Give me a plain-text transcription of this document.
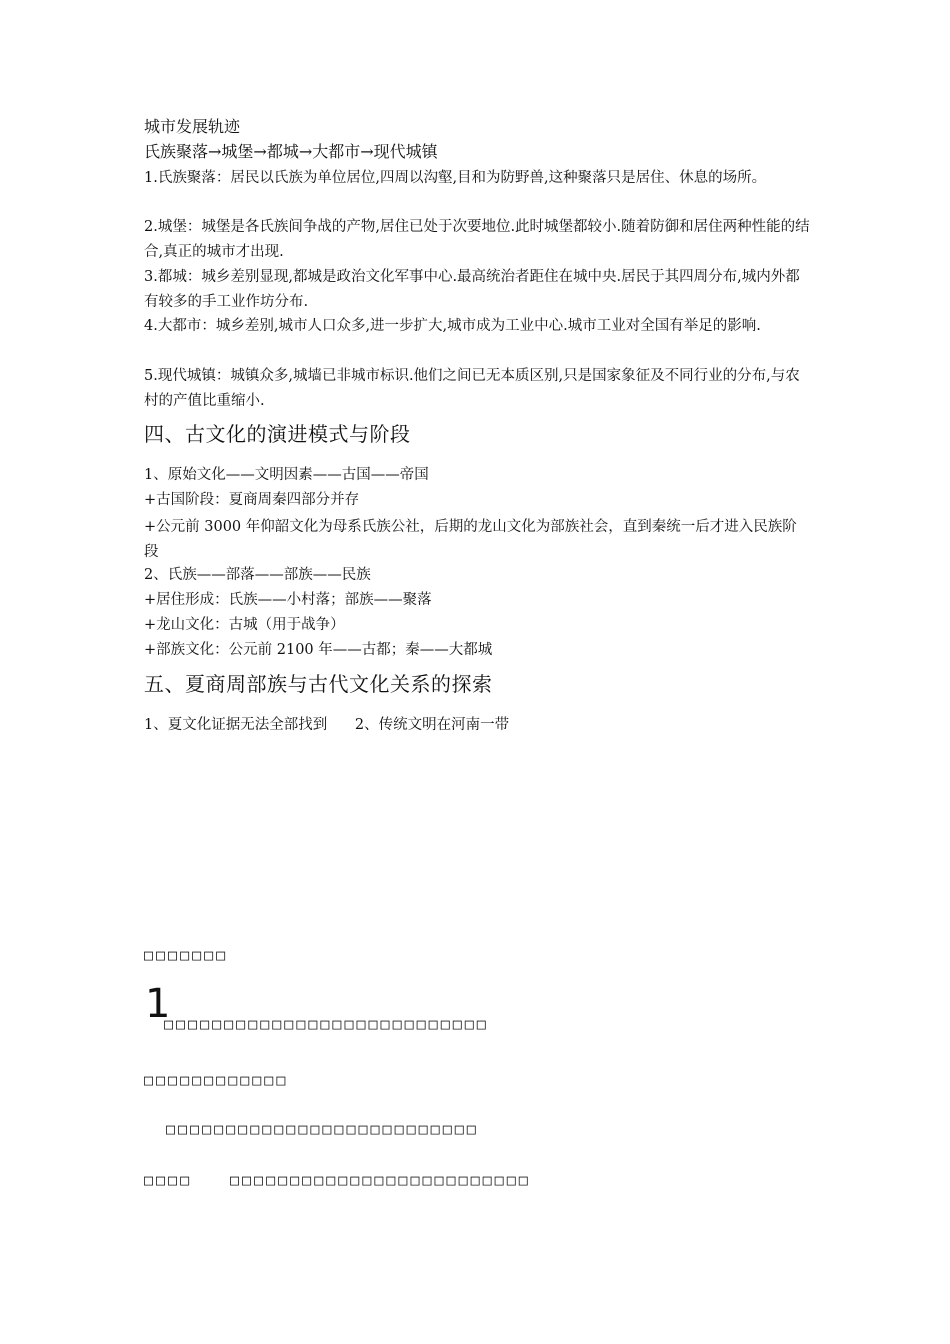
城市发展轨迹
氏族聚落→城堡→都城→大都市→现代城镇
1.氏族聚落：居民以氏族为单位居位,四周以沟壑,目和为防野兽,这种聚落只是居住、休息的场所。
2.城堡：城堡是各氏族间争战的产物,居住已处于次要地位.此时城堡都较小.随着防御和居住两种性能的结合,真正的城市才出现.
3.都城：城乡差别显现,都城是政治文化军事中心.最高统治者距住在城中央.居民于其四周分布,城内外都有较多的手工业作坊分布.
4.大都市：城乡差别,城市人口众多,进一步扩大,城市成为工业中心.城市工业对全国有举足的影响.
5.现代城镇：城镇众多,城墙已非城市标识.他们之间已无本质区别,只是国家象征及不同行业的分布,与农村的产值比重缩小.
四、古文化的演进模式与阶段
1、原始文化——文明因素——古国——帝国
+古国阶段：夏商周秦四部分并存
+公元前 3000 年仰韶文化为母系氏族公社，后期的龙山文化为部族社会，直到秦统一后才进入民族阶段
2、氏族——部落——部族——民族
+居住形成：氏族——小村落；部族——聚落
+龙山文化：古城（用于战争）
+部族文化：公元前 2100 年——古都；秦——大都城
五、夏商周部族与古代文化关系的探索
1、夏文化证据无法全部找到      2、传统文明在河南一带
□□□□□□□
1
□□□□□□□□□□□□□□□□□□□□□□□□□□□
□□□□□□□□□□□□
□□□□□□□□□□□□□□□□□□□□□□□□□□
□□□□	□□□□□□□□□□□□□□□□□□□□□□□□□
